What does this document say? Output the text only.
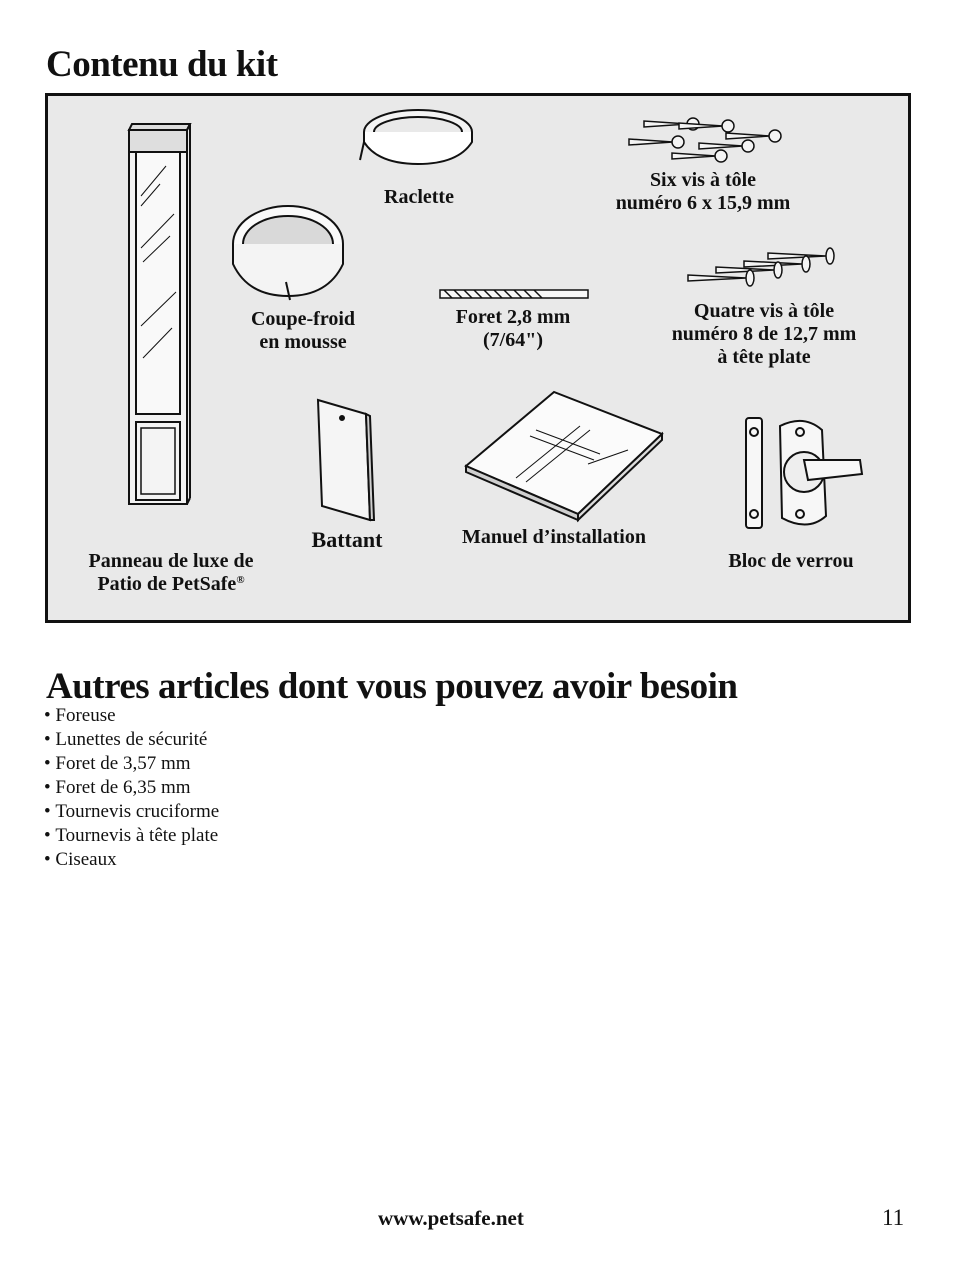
Contenu du kit
Panneau de luxe de
Patio de PetSafe®
Raclette
Coupe-froid
en mousse
Foret 2,8 mm
(7/64")
Six vis à tôle
numéro 6 x 15,9 mm
Quatre vis à tôle
numéro 8 de 12,7 mm
à tête plate
Battant	Manuel d’installation
Bloc de verrou
Autres articles dont vous pouvez avoir besoin
• Foreuse
• Lunettes de sécurité
• Foret de 3,57 mm
• Foret de 6,35 mm
• Tournevis cruciforme
• Tournevis à tête plate
• Ciseaux
www.petsafe.net	11
